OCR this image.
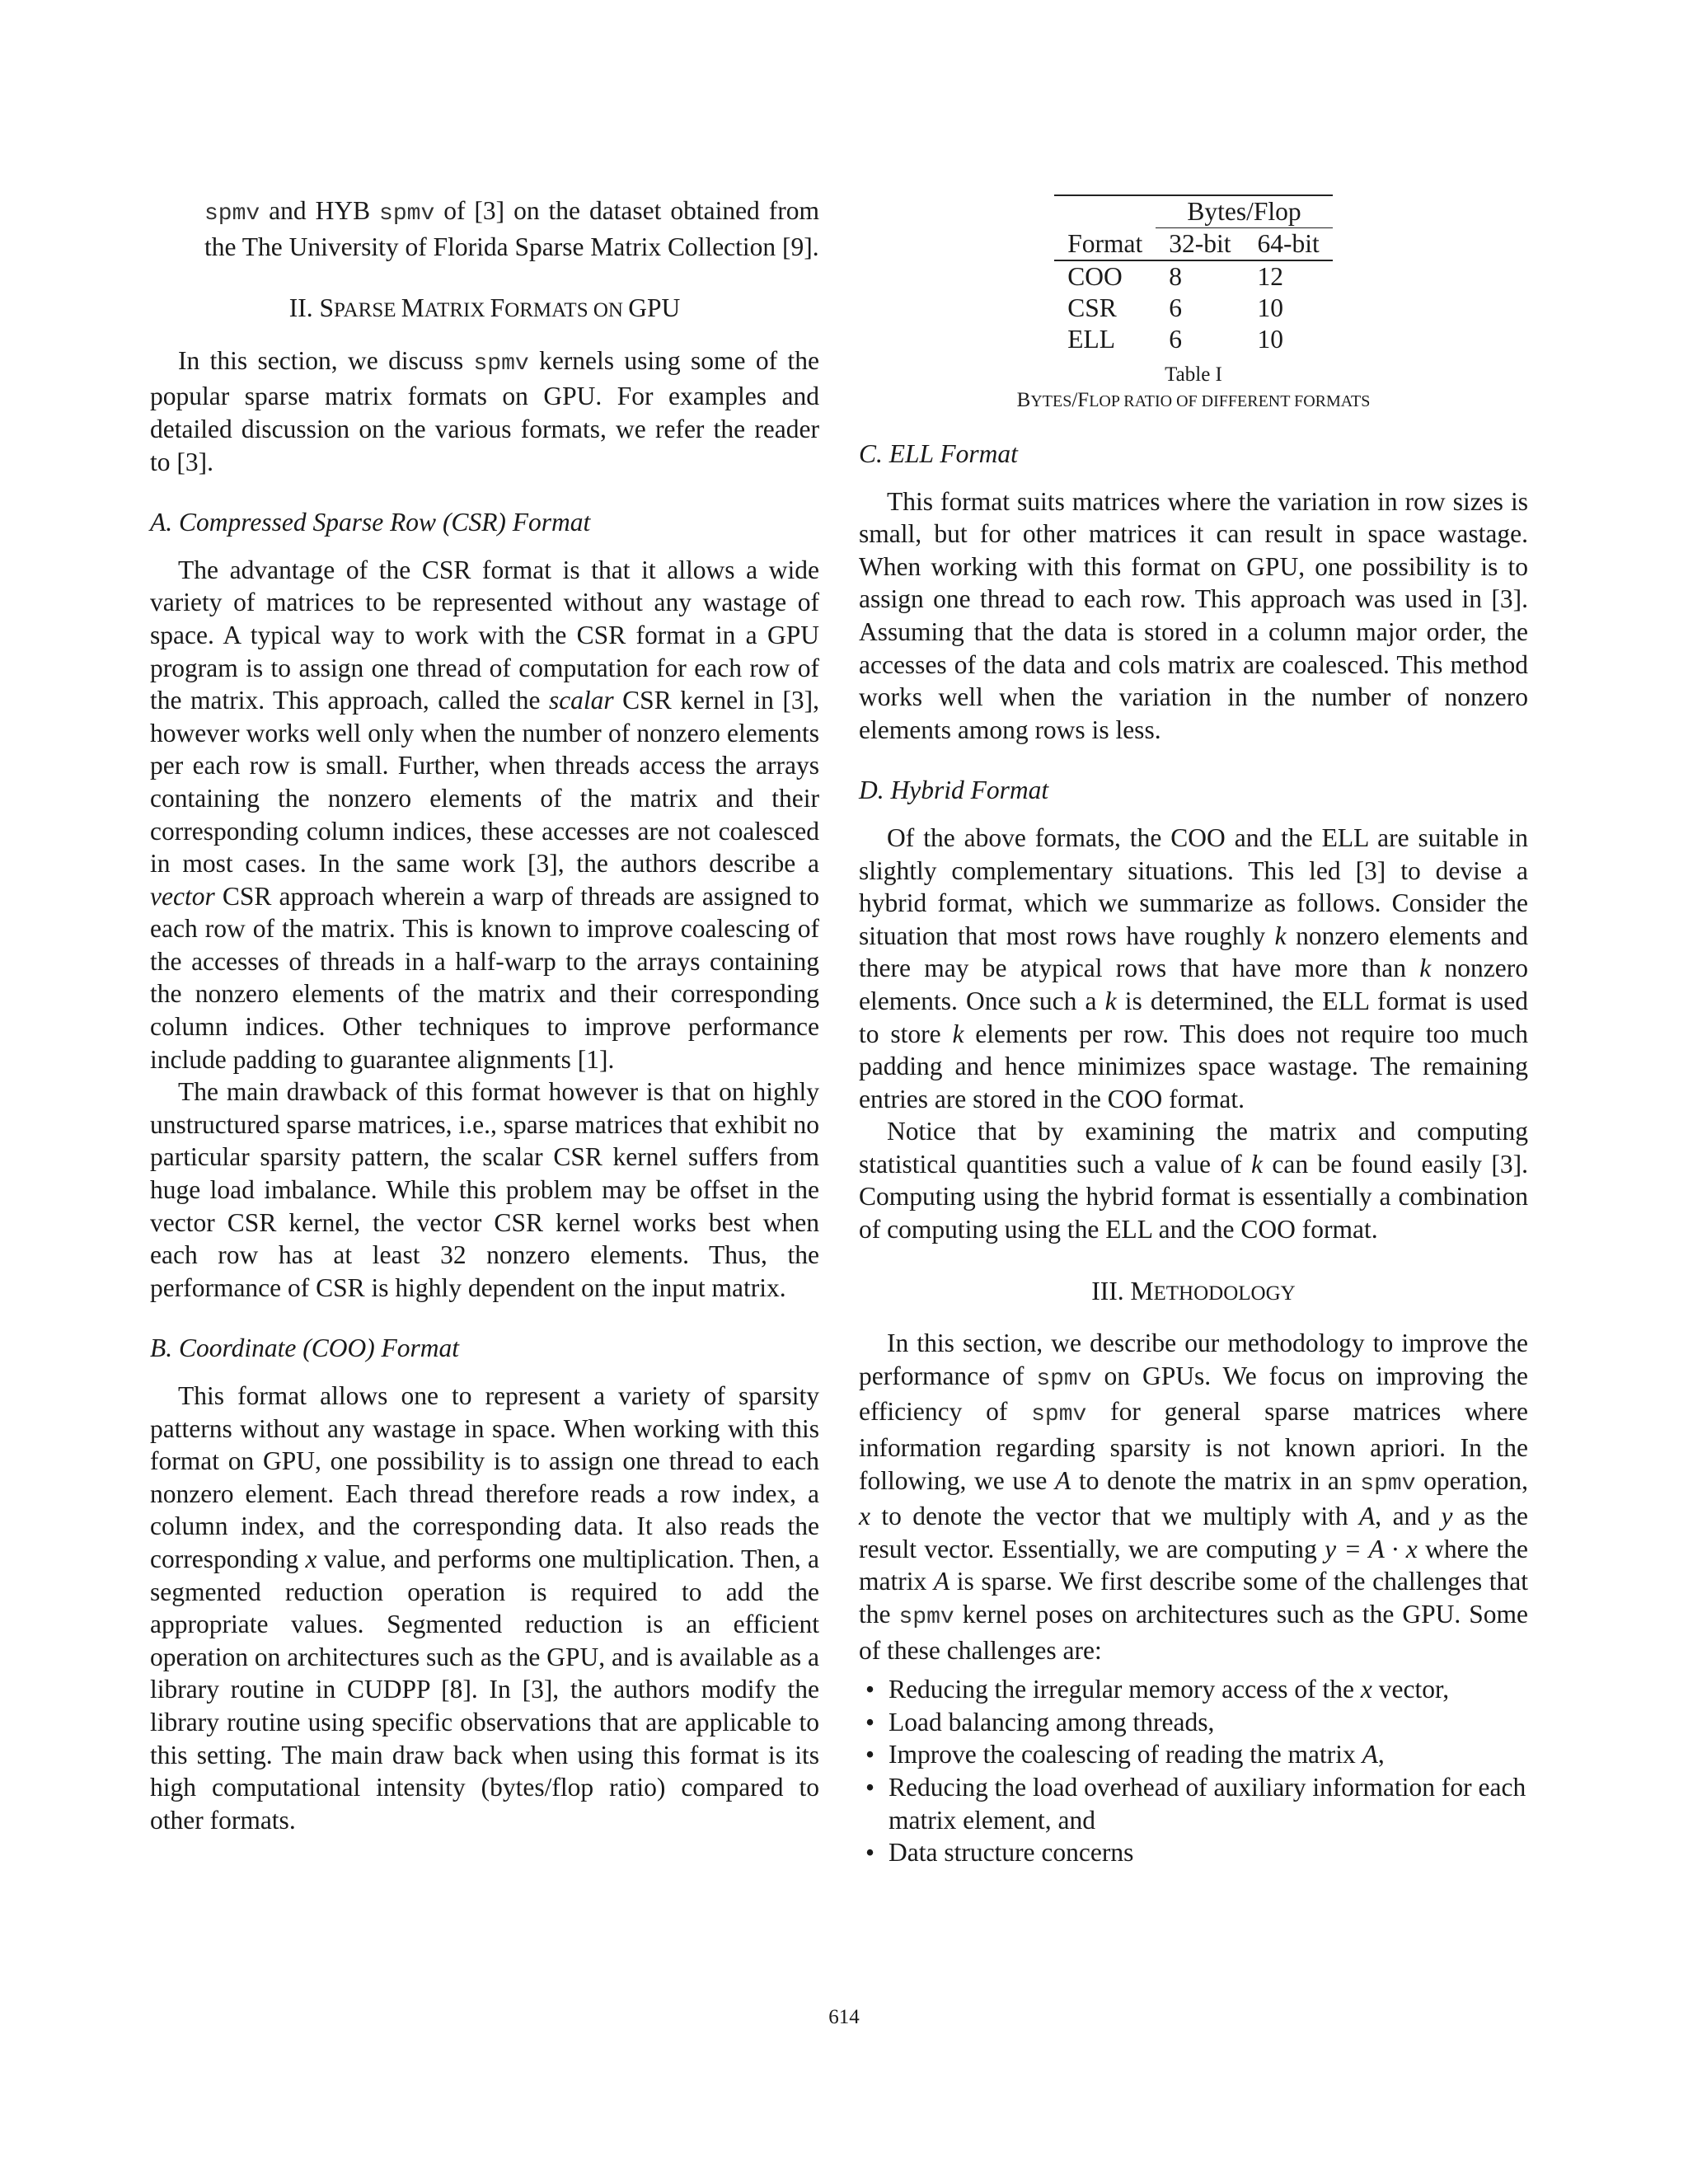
spmv and HYB spmv of [3] on the dataset obtained from the The University of Florida Sparse Matrix Collection [9].

II. SPARSE MATRIX FORMATS ON GPU

In this section, we discuss spmv kernels using some of the popular sparse matrix formats on GPU. For examples and detailed discussion on the various formats, we refer the reader to [3].

A. Compressed Sparse Row (CSR) Format

The advantage of the CSR format is that it allows a wide variety of matrices to be represented without any wastage of space. A typical way to work with the CSR format in a GPU program is to assign one thread of computation for each row of the matrix. This approach, called the scalar CSR kernel in [3], however works well only when the number of nonzero elements per each row is small. Further, when threads access the arrays containing the nonzero elements of the matrix and their corresponding column indices, these accesses are not coalesced in most cases. In the same work [3], the authors describe a vector CSR approach wherein a warp of threads are assigned to each row of the matrix. This is known to improve coalescing of the accesses of threads in a half-warp to the arrays containing the nonzero elements of the matrix and their corresponding column indices. Other techniques to improve performance include padding to guarantee alignments [1].

The main drawback of this format however is that on highly unstructured sparse matrices, i.e., sparse matrices that exhibit no particular sparsity pattern, the scalar CSR kernel suffers from huge load imbalance. While this problem may be offset in the vector CSR kernel, the vector CSR kernel works best when each row has at least 32 nonzero elements. Thus, the performance of CSR is highly dependent on the input matrix.

B. Coordinate (COO) Format

This format allows one to represent a variety of sparsity patterns without any wastage in space. When working with this format on GPU, one possibility is to assign one thread to each nonzero element. Each thread therefore reads a row index, a column index, and the corresponding data. It also reads the corresponding x value, and performs one multiplication. Then, a segmented reduction operation is required to add the appropriate values. Segmented reduction is an efficient operation on architectures such as the GPU, and is available as a library routine in CUDPP [8]. In [3], the authors modify the library routine using specific observations that are applicable to this setting. The main draw back when using this format is its high computational intensity (bytes/flop ratio) compared to other formats.

	Bytes/Flop	
Format	32-bit	64-bit
COO	8	12
CSR	6	10
ELL	6	10
Table I
BYTES/FLOP RATIO OF DIFFERENT FORMATS
C. ELL Format

This format suits matrices where the variation in row sizes is small, but for other matrices it can result in space wastage. When working with this format on GPU, one possibility is to assign one thread to each row. This approach was used in [3]. Assuming that the data is stored in a column major order, the accesses of the data and cols matrix are coalesced. This method works well when the variation in the number of nonzero elements among rows is less.

D. Hybrid Format

Of the above formats, the COO and the ELL are suitable in slightly complementary situations. This led [3] to devise a hybrid format, which we summarize as follows. Consider the situation that most rows have roughly k nonzero elements and there may be atypical rows that have more than k nonzero elements. Once such a k is determined, the ELL format is used to store k elements per row. This does not require too much padding and hence minimizes space wastage. The remaining entries are stored in the COO format.

Notice that by examining the matrix and computing statistical quantities such a value of k can be found easily [3]. Computing using the hybrid format is essentially a combination of computing using the ELL and the COO format.

III. METHODOLOGY

In this section, we describe our methodology to improve the performance of spmv on GPUs. We focus on improving the efficiency of spmv for general sparse matrices where information regarding sparsity is not known apriori. In the following, we use A to denote the matrix in an spmv operation, x to denote the vector that we multiply with A, and y as the result vector. Essentially, we are computing y = A · x where the matrix A is sparse. We first describe some of the challenges that the spmv kernel poses on architectures such as the GPU. Some of these challenges are:

• Reducing the irregular memory access of the x vector,
• Load balancing among threads,
• Improve the coalescing of reading the matrix A,
• Reducing the load overhead of auxiliary information for each matrix element, and
• Data structure concerns
614
